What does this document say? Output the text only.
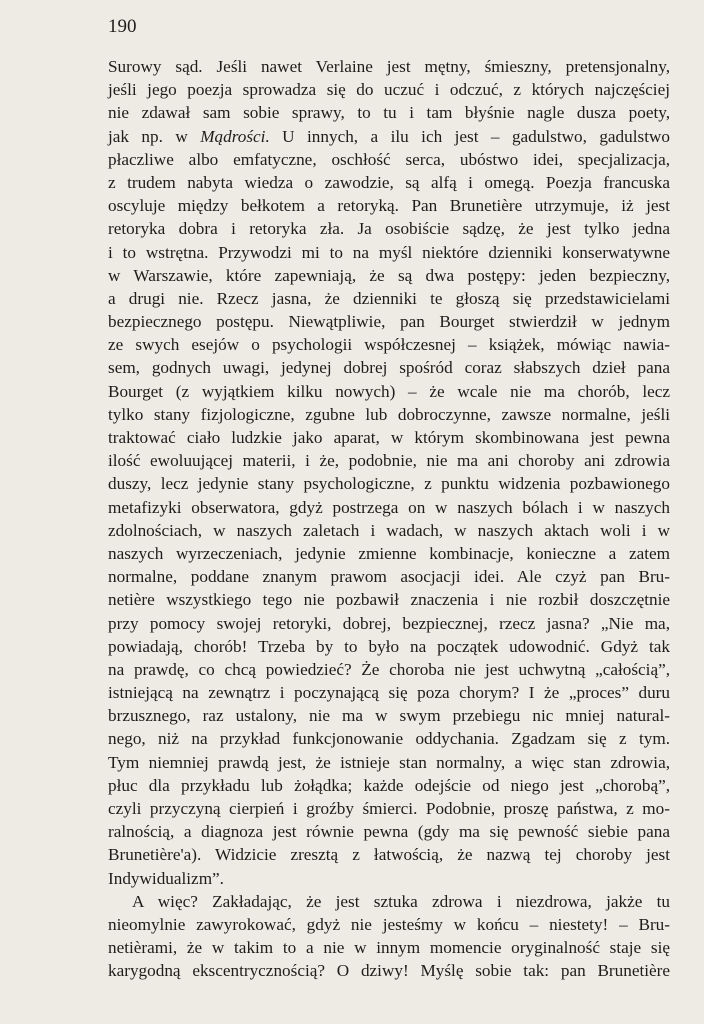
190
Surowy sąd. Jeśli nawet Verlaine jest mętny, śmieszny, pretensjonalny,
jeśli jego poezja sprowadza się do uczuć i odczuć, z których najczęściej
nie zdawał sam sobie sprawy, to tu i tam błyśnie nagle dusza poety,
jak np. w Mądrości. U innych, a ilu ich jest – gadulstwo, gadulstwo
płaczliwe albo emfatyczne, oschłość serca, ubóstwo idei, specjalizacja,
z trudem nabyta wiedza o zawodzie, są alfą i omegą. Poezja francuska
oscyluje między bełkotem a retoryką. Pan Brunetière utrzymuje, iż jest
retoryka dobra i retoryka zła. Ja osobiście sądzę, że jest tylko jedna
i to wstrętna. Przywodzi mi to na myśl niektóre dzienniki konserwatywne
w Warszawie, które zapewniają, że są dwa postępy: jeden bezpieczny,
a drugi nie. Rzecz jasna, że dzienniki te głoszą się przedstawicielami
bezpiecznego postępu. Niewątpliwie, pan Bourget stwierdził w jednym
ze swych esejów o psychologii współczesnej – książek, mówiąc nawia-
sem, godnych uwagi, jedynej dobrej spośród coraz słabszych dzieł pana
Bourget (z wyjątkiem kilku nowych) – że wcale nie ma chorób, lecz
tylko stany fizjologiczne, zgubne lub dobroczynne, zawsze normalne, jeśli
traktować ciało ludzkie jako aparat, w którym skombinowana jest pewna
ilość ewoluującej materii, i że, podobnie, nie ma ani choroby ani zdrowia
duszy, lecz jedynie stany psychologiczne, z punktu widzenia pozbawionego
metafizyki obserwatora, gdyż postrzega on w naszych bólach i w naszych
zdolnościach, w naszych zaletach i wadach, w naszych aktach woli i w
naszych wyrzeczeniach, jedynie zmienne kombinacje, konieczne a zatem
normalne, poddane znanym prawom asocjacji idei. Ale czyż pan Bru-
netière wszystkiego tego nie pozbawił znaczenia i nie rozbił doszczętnie
przy pomocy swojej retoryki, dobrej, bezpiecznej, rzecz jasna? „Nie ma,
powiadają, chorób! Trzeba by to było na początek udowodnić. Gdyż tak
na prawdę, co chcą powiedzieć? Że choroba nie jest uchwytną „całością”,
istniejącą na zewnątrz i poczynającą się poza chorym? I że „proces” duru
brzusznego, raz ustalony, nie ma w swym przebiegu nic mniej natural-
nego, niż na przykład funkcjonowanie oddychania. Zgadzam się z tym.
Tym niemniej prawdą jest, że istnieje stan normalny, a więc stan zdrowia,
płuc dla przykładu lub żołądka; każde odejście od niego jest „chorobą”,
czyli przyczyną cierpień i groźby śmierci. Podobnie, proszę państwa, z mo-
ralnością, a diagnoza jest równie pewna (gdy ma się pewność siebie pana
Brunetière'a). Widzicie zresztą z łatwością, że nazwą tej choroby jest
Indywidualizm”.
A więc? Zakładając, że jest sztuka zdrowa i niezdrowa, jakże tu
nieomylnie zawyrokować, gdyż nie jesteśmy w końcu – niestety! – Bru-
netièrami, że w takim to a nie w innym momencie oryginalność staje się
karygodną ekscentrycznością? O dziwy! Myślę sobie tak: pan Brunetière
